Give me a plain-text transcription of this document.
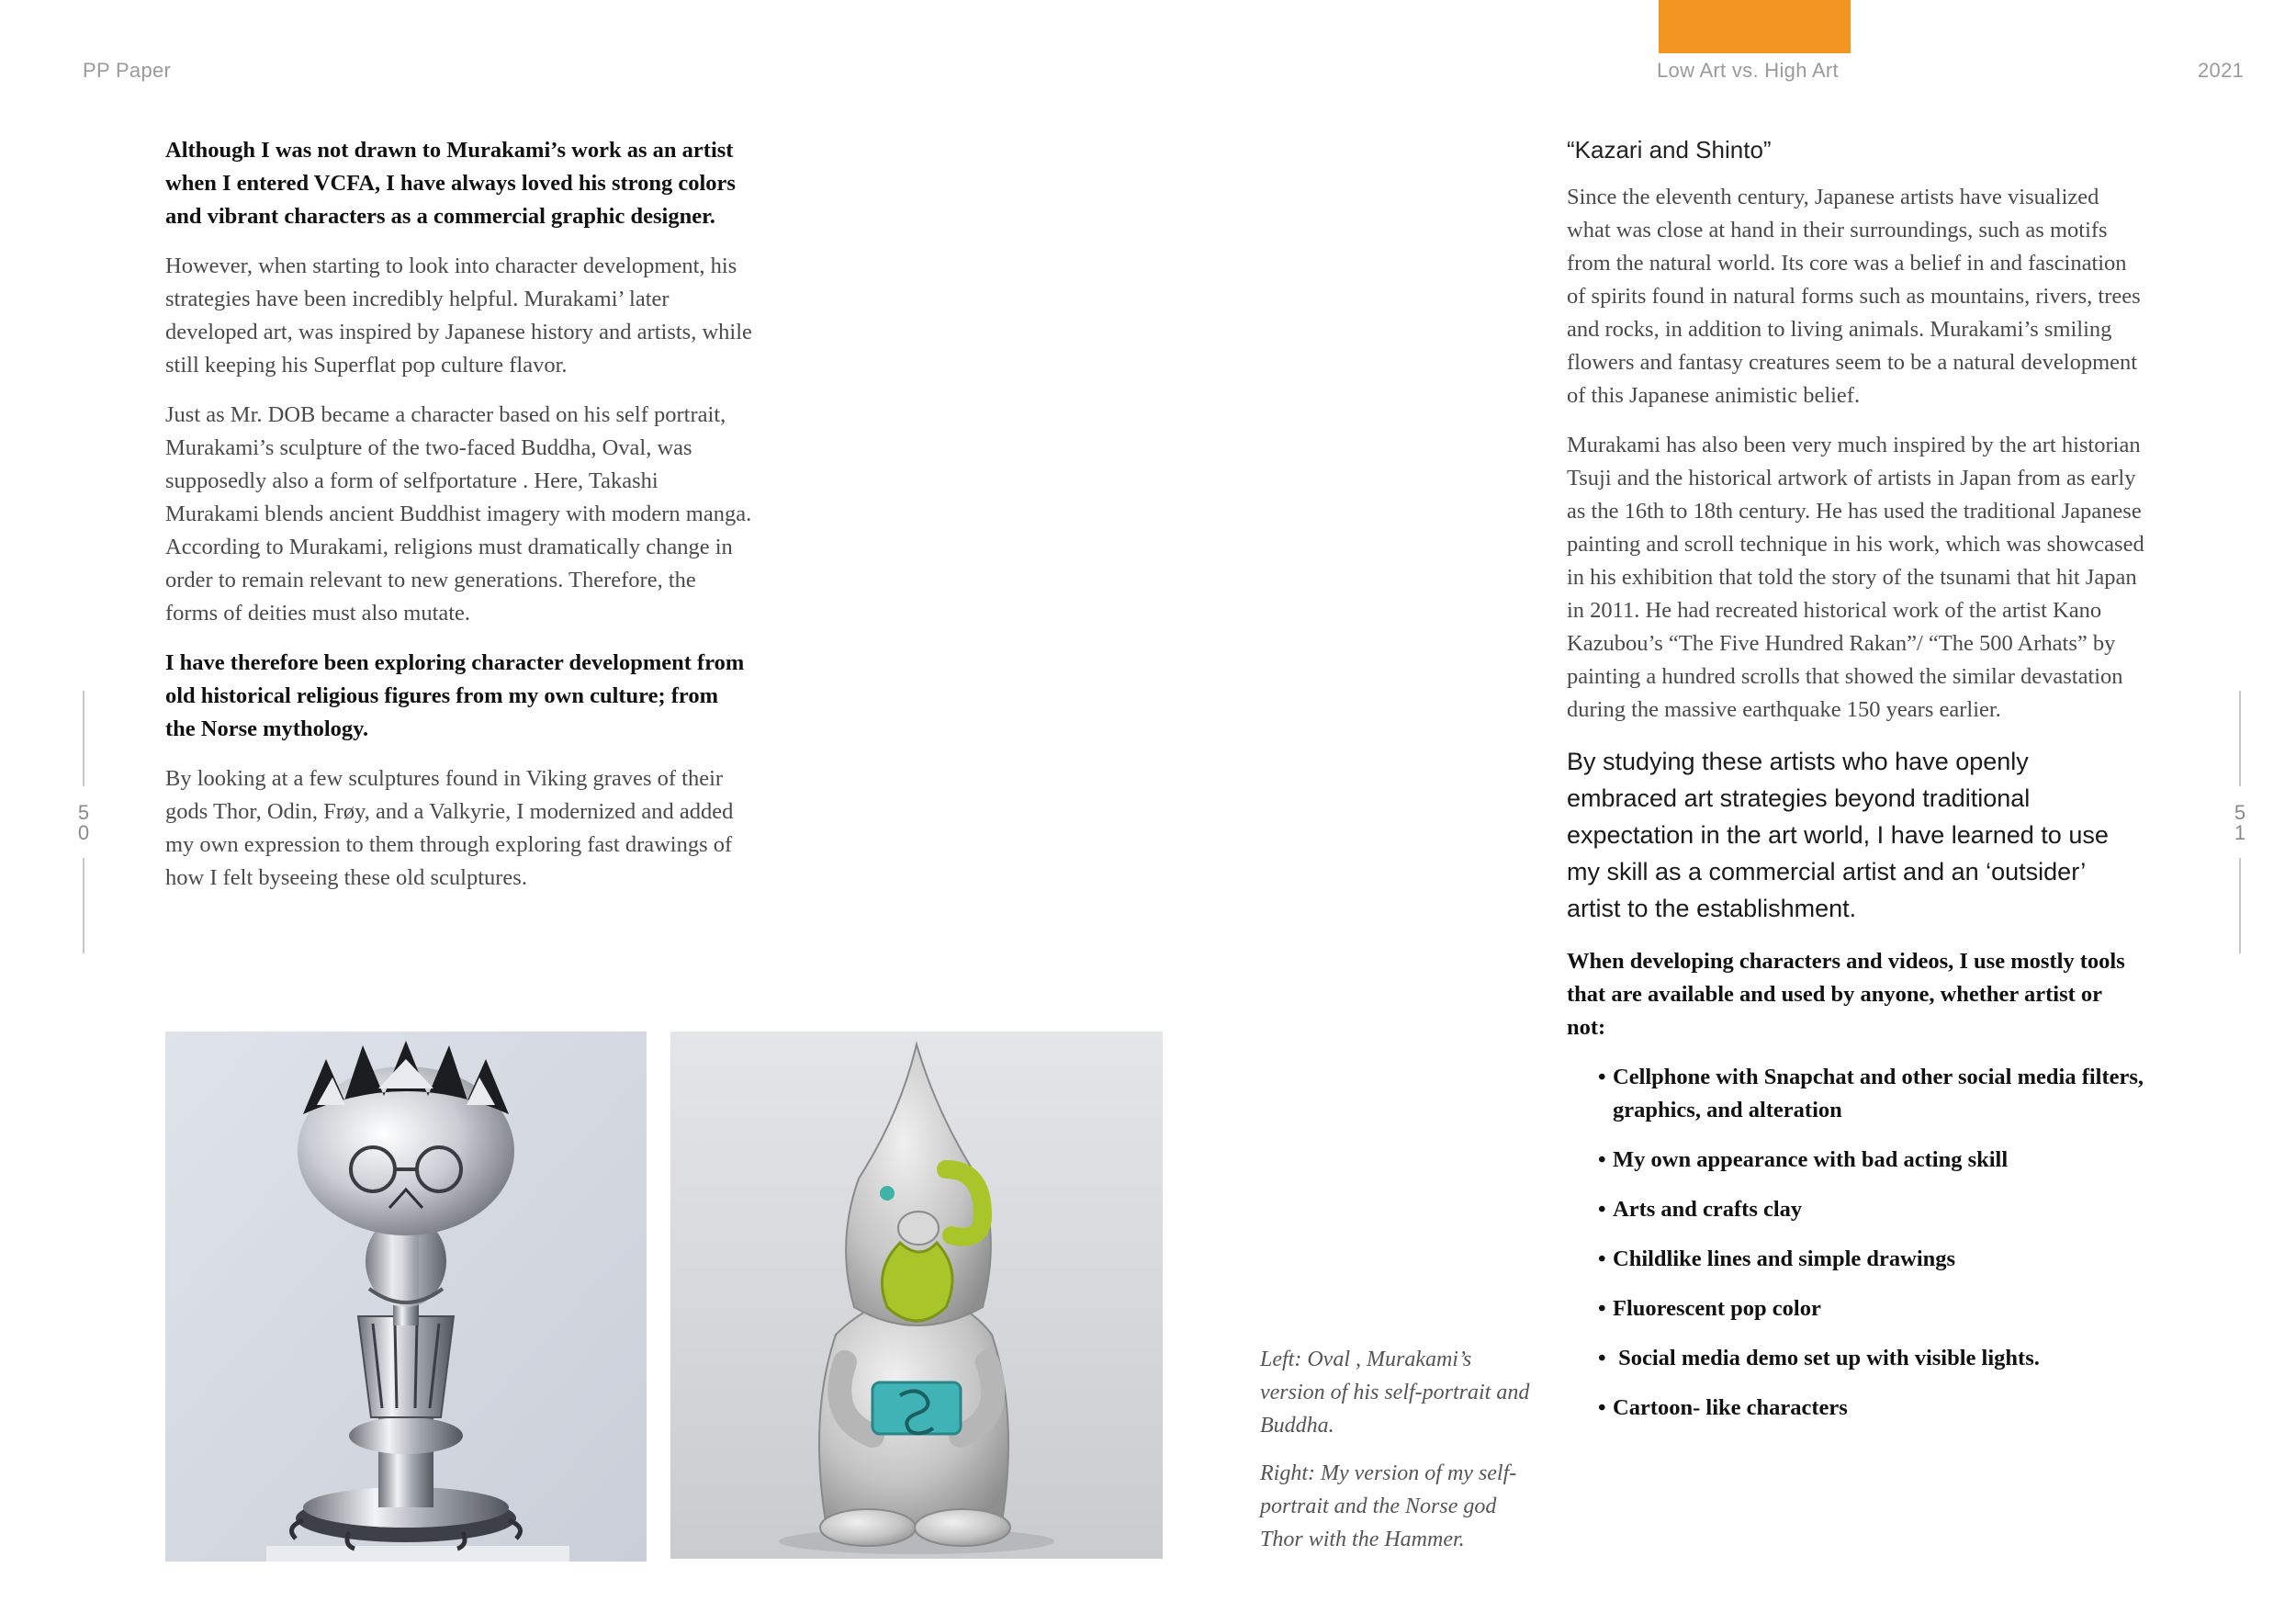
PP Paper	Low Art vs. High Art	2021
5
0
5
1

Although I was not drawn to Murakami’s work as an artist when I entered VCFA, I have always loved his strong colors and vibrant characters as a commercial graphic designer.

However, when starting to look into character development, his strategies have been incredibly helpful. Murakami’ later developed art, was inspired by Japanese history and artists, while still keeping his Superflat pop culture flavor.

Just as Mr. DOB became a character based on his self portrait, Murakami’s sculpture of the two-faced Buddha, Oval, was supposedly also a form of selfportature . Here, Takashi Murakami blends ancient Buddhist imagery with modern manga. According to Murakami, religions must dramatically change in order to remain relevant to new generations. Therefore, the forms of deities must also mutate.

I have therefore been exploring character development from old historical religious figures from my own culture; from the Norse mythology.

By looking at a few sculptures found in Viking graves of their gods Thor, Odin, Frøy, and a Valkyrie, I modernized and added my own expression to them through exploring fast drawings of how I felt byseeing these old sculptures.

Left: Oval , Murakami’s version of his self-portrait and Buddha.

Right: My version of my self-portrait and the Norse god Thor with the Hammer.

“Kazari and Shinto”

Since the eleventh century, Japanese artists have visualized what was close at hand in their surroundings, such as motifs from the natural world. Its core was a belief in and fascination of spirits found in natural forms such as mountains, rivers, trees and rocks, in addition to living animals. Murakami’s smiling flowers and fantasy creatures seem to be a natural development of this Japanese animistic belief.

Murakami has also been very much inspired by the art historian Tsuji and the historical artwork of artists in Japan from as early as the 16th to 18th century. He has used the traditional Japanese painting and scroll technique in his work, which was showcased in his exhibition that told the story of the tsunami that hit Japan in 2011. He had recreated historical work of the artist Kano Kazubou’s “The Five Hundred Rakan”/ “The 500 Arhats” by painting a hundred scrolls that showed the similar devastation during the massive earthquake 150 years earlier.

By studying these artists who have openly embraced art strategies beyond traditional expectation in the art world, I have learned to use my skill as a commercial artist and an ‘outsider’ artist to the establishment.

When developing characters and videos, I use mostly tools that are available and used by anyone, whether artist or not:

• Cellphone with Snapchat and other social media filters, graphics, and alteration
• My own appearance with bad acting skill
• Arts and crafts clay
• Childlike lines and simple drawings
• Fluorescent pop color
• Social media demo set up with visible lights.
• Cartoon- like characters
